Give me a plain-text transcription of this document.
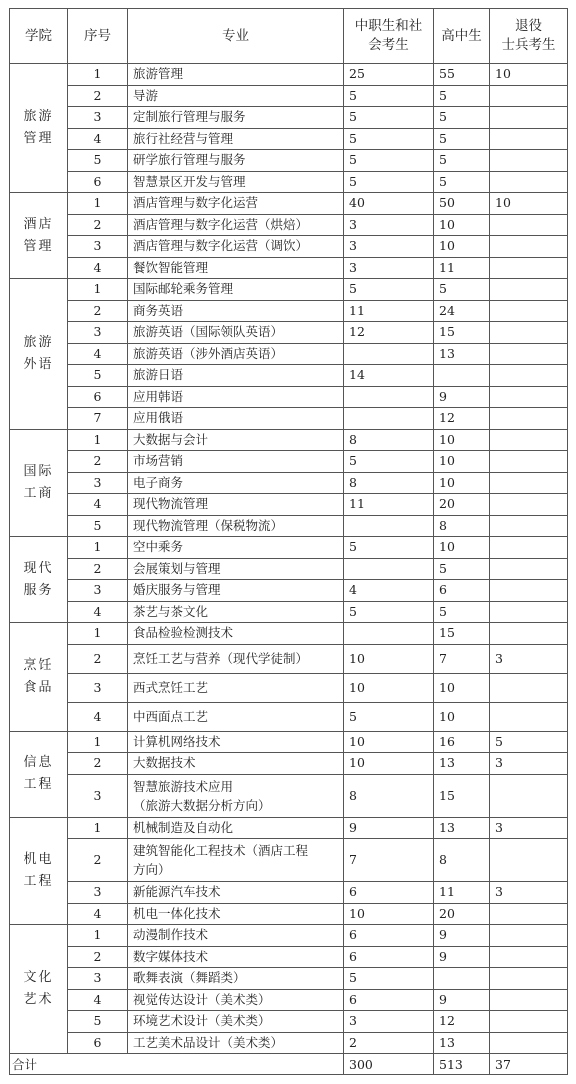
学院	序号	专业	中职生和社
会考生	高中生	退役
士兵考生
旅游
管理	1	旅游管理	25	55	10
	2	导游	5	5	
	3	定制旅行管理与服务	5	5	
	4	旅行社经营与管理	5	5	
	5	研学旅行管理与服务	5	5	
	6	智慧景区开发与管理	5	5	
酒店
管理	1	酒店管理与数字化运营	40	50	10
	2	酒店管理与数字化运营（烘焙）	3	10	
	3	酒店管理与数字化运营（调饮）	3	10	
	4	餐饮智能管理	3	11	
旅游
外语	1	国际邮轮乘务管理	5	5	
	2	商务英语	11	24	
	3	旅游英语（国际领队英语）	12	15	
	4	旅游英语（涉外酒店英语）		13	
	5	旅游日语	14		
	6	应用韩语		9	
	7	应用俄语		12	
国际
工商	1	大数据与会计	8	10	
	2	市场营销	5	10	
	3	电子商务	8	10	
	4	现代物流管理	11	20	
	5	现代物流管理（保税物流）		8	
现代
服务	1	空中乘务	5	10	
	2	会展策划与管理		5	
	3	婚庆服务与管理	4	6	
	4	茶艺与茶文化	5	5	
烹饪
食品	1	食品检验检测技术		15	
	2	烹饪工艺与营养（现代学徒制）	10	7	3
	3	西式烹饪工艺	10	10	
	4	中西面点工艺	5	10	
信息
工程	1	计算机网络技术	10	16	5
	2	大数据技术	10	13	3
	3	智慧旅游技术应用
（旅游大数据分析方向）	8	15	
机电
工程	1	机械制造及自动化	9	13	3
	2	建筑智能化工程技术（酒店工程
方向）	7	8	
	3	新能源汽车技术	6	11	3
	4	机电一体化技术	10	20	
文化
艺术	1	动漫制作技术	6	9	
	2	数字媒体技术	6	9	
	3	歌舞表演（舞蹈类）	5		
	4	视觉传达设计（美术类）	6	9	
	5	环境艺术设计（美术类）	3	12	
	6	工艺美术品设计（美术类）	2	13	
合计			300	513	37
